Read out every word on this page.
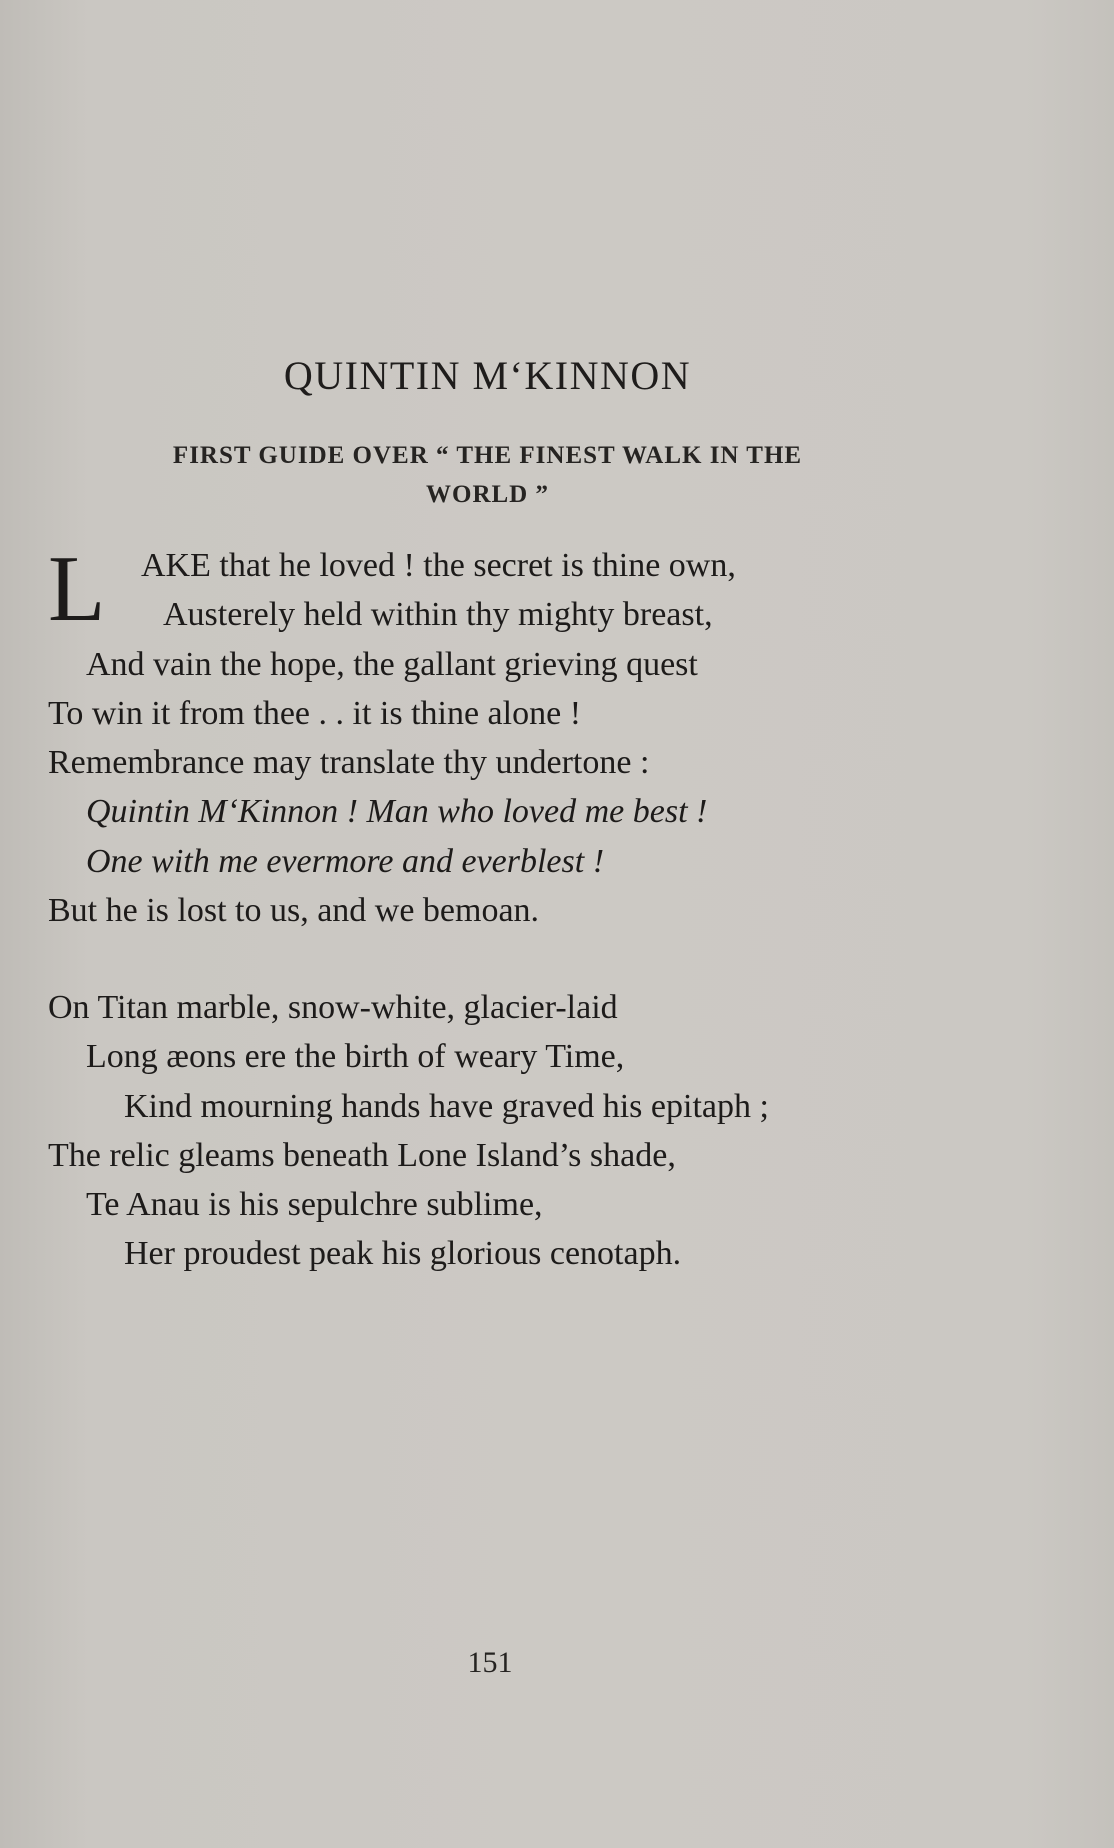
QUINTIN M‘KINNON
FIRST GUIDE OVER “ THE FINEST WALK IN THE
WORLD ”
L AKE that he loved ! the secret is thine own,
Austerely held within thy mighty breast,
And vain the hope, the gallant grieving quest
To win it from thee . . it is thine alone !
Remembrance may translate thy undertone :
Quintin M‘Kinnon ! Man who loved me best !
One with me evermore and everblest !
But he is lost to us, and we bemoan.
On Titan marble, snow-white, glacier-laid
Long æons ere the birth of weary Time,
Kind mourning hands have graved his epitaph ;
The relic gleams beneath Lone Island’s shade,
Te Anau is his sepulchre sublime,
Her proudest peak his glorious cenotaph.
151
